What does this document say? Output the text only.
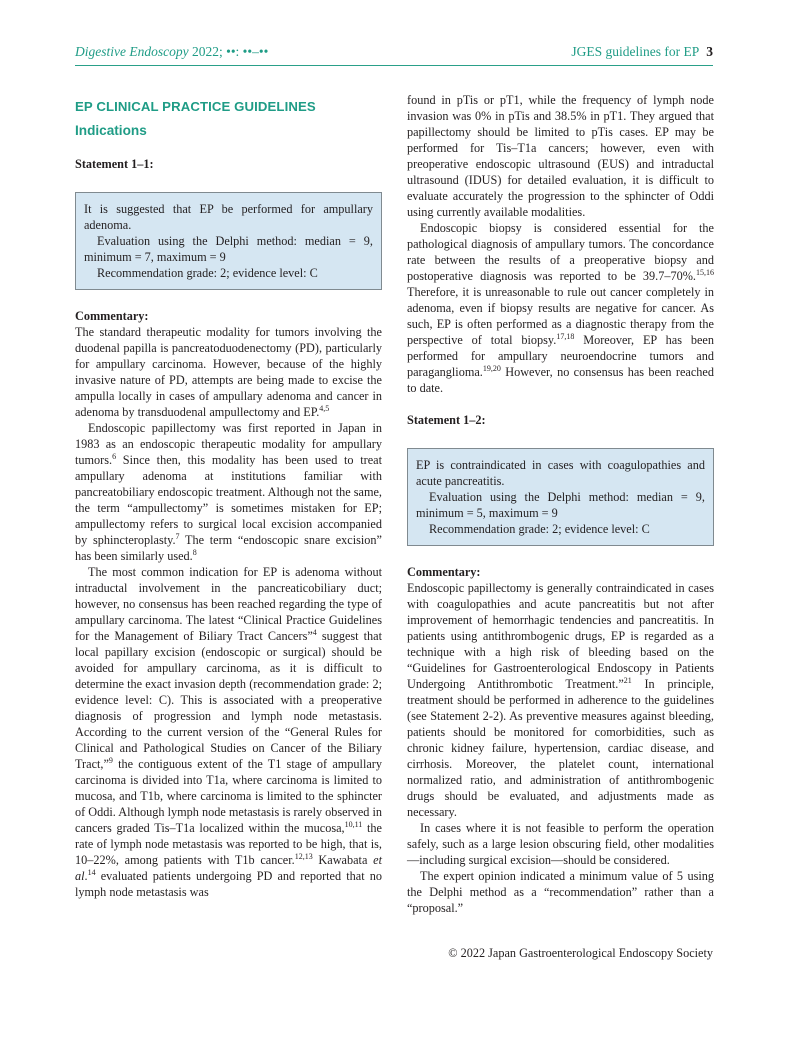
Digestive Endoscopy 2022; ••: ••–••	JGES guidelines for EP 3
EP CLINICAL PRACTICE GUIDELINES
Indications
Statement 1–1:

It is suggested that EP be performed for ampullary adenoma.

Evaluation using the Delphi method: median = 9, minimum = 7, maximum = 9

Recommendation grade: 2; evidence level: C

Commentary:

The standard therapeutic modality for tumors involving the duodenal papilla is pancreatoduodenectomy (PD), particularly for ampullary carcinoma. However, because of the highly invasive nature of PD, attempts are being made to excise the ampulla locally in cases of ampullary adenoma and cancer in adenoma by transduodenal ampullectomy and EP.$^{4,5}$

Endoscopic papillectomy was first reported in Japan in 1983 as an endoscopic therapeutic modality for ampullary tumors.$^6$ Since then, this modality has been used to treat ampullary adenoma at institutions familiar with pancreatobiliary endoscopic treatment. Although not the same, the term “ampullectomy” is sometimes mistaken for EP; ampullectomy refers to surgical local excision accompanied by sphincteroplasty.$^7$ The term “endoscopic snare excision” has been similarly used.$^8$

The most common indication for EP is adenoma without intraductal involvement in the pancreaticobiliary duct; however, no consensus has been reached regarding the type of ampullary carcinoma. The latest “Clinical Practice Guidelines for the Management of Biliary Tract Cancers”$^4$ suggest that local papillary excision (endoscopic or surgical) should be avoided for ampullary carcinoma, as it is difficult to determine the exact invasion depth (recommendation grade: 2; evidence level: C). This is associated with a preoperative diagnosis of progression and lymph node metastasis. According to the current version of the “General Rules for Clinical and Pathological Studies on Cancer of the Biliary Tract,”$^9$ the contiguous extent of the T1 stage of ampullary carcinoma is divided into T1a, where carcinoma is limited to mucosa, and T1b, where carcinoma is limited to the sphincter of Oddi. Although lymph node metastasis is rarely observed in cancers graded Tis–T1a localized within the mucosa,$^{10,11}$ the rate of lymph node metastasis was reported to be high, that is, 10–22%, among patients with T1b cancer.$^{12,13}$ Kawabata et al.$^{14}$ evaluated patients undergoing PD and reported that no lymph node metastasis was

found in pTis or pT1, while the frequency of lymph node invasion was 0% in pTis and 38.5% in pT1. They argued that papillectomy should be limited to pTis cases. EP may be performed for Tis–T1a cancers; however, even with preoperative endoscopic ultrasound (EUS) and intraductal ultrasound (IDUS) for detailed evaluation, it is difficult to evaluate accurately the progression to the sphincter of Oddi using currently available modalities.

Endoscopic biopsy is considered essential for the pathological diagnosis of ampullary tumors. The concordance rate between the results of a preoperative biopsy and postoperative diagnosis was reported to be 39.7–70%.$^{15,16}$ Therefore, it is unreasonable to rule out cancer completely in adenoma, even if biopsy results are negative for cancer. As such, EP is often performed as a diagnostic therapy from the perspective of total biopsy.$^{17,18}$ Moreover, EP has been performed for ampullary neuroendocrine tumors and paraganglioma.$^{19,20}$ However, no consensus has been reached to date.

Statement 1–2:

EP is contraindicated in cases with coagulopathies and acute pancreatitis.

Evaluation using the Delphi method: median = 9, minimum = 5, maximum = 9

Recommendation grade: 2; evidence level: C

Commentary:

Endoscopic papillectomy is generally contraindicated in cases with coagulopathies and acute pancreatitis but not after improvement of hemorrhagic tendencies and pancreatitis. In patients using antithrombogenic drugs, EP is regarded as a technique with a high risk of bleeding based on the “Guidelines for Gastroenterological Endoscopy in Patients Undergoing Antithrombotic Treatment.”$^{21}$ In principle, treatment should be performed in adherence to the guidelines (see Statement 2-2). As preventive measures against bleeding, patients should be monitored for comorbidities, such as chronic kidney failure, hypertension, cardiac disease, and cirrhosis. Moreover, the platelet count, international normalized ratio, and administration of antithrombogenic drugs should be evaluated, and adjustments made as necessary.

In cases where it is not feasible to perform the operation safely, such as a large lesion obscuring field, other modalities—including surgical excision—should be considered.

The expert opinion indicated a minimum value of 5 using the Delphi method as a “recommendation” rather than a “proposal.”

© 2022 Japan Gastroenterological Endoscopy Society
